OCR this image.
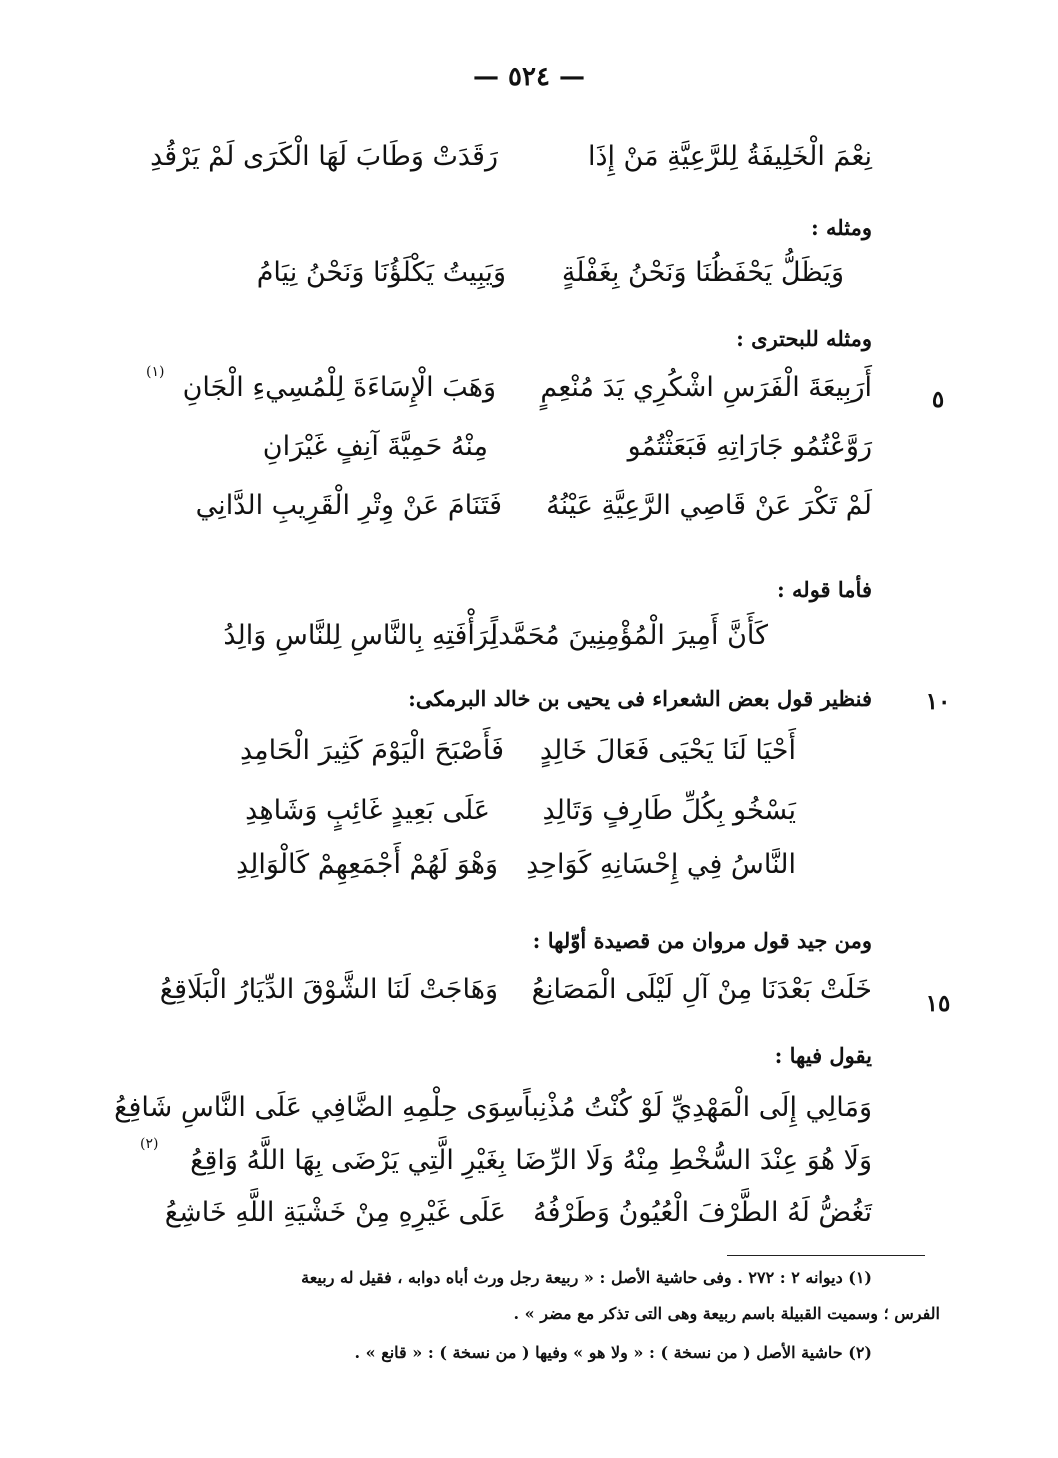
— ٥٢٤ —
نِعْمَ الْخَلِيفَةُ لِلرَّعِيَّةِ مَنْ إِذَا
رَقَدَتْ وَطَابَ لَهَا الْكَرَى لَمْ يَرْقُدِ
ومثله :
وَيَظَلُّ يَحْفَظُنَا وَنَحْنُ بِغَفْلَةٍ
وَيَبِيتُ يَكْلَؤُنَا وَنَحْنُ نِيَامُ
ومثله للبحترى :
٥
أَرَبِيعَةَ الْفَرَسِ اشْكُرِي يَدَ مُنْعِمٍ
وَهَبَ الْإِسَاءَةَ لِلْمُسِيءِ الْجَانِ
(١)
رَوَّعْتُمُو جَارَاتِهِ فَبَعَثْتُمُو
مِنْهُ حَمِيَّةَ آنِفٍ غَيْرَانِ
لَمْ تَكْرَ عَنْ قَاصِي الرَّعِيَّةِ عَيْنُهُ
فَتَنَامَ عَنْ وِتْرِ الْقَرِيبِ الدَّانِي
فأما قوله :
كَأَنَّ أَمِيرَ الْمُؤْمِنِينَ مُحَمَّداً
لِرَأْفَتِهِ بِالنَّاسِ لِلنَّاسِ وَالِدُ
١٠
فنظير قول بعض الشعراء فى يحيى بن خالد البرمكى:
أَحْيَا لَنَا يَحْيَى فَعَالَ خَالِدٍ
فَأَصْبَحَ الْيَوْمَ كَثِيرَ الْحَامِدِ
يَسْخُو بِكُلِّ طَارِفٍ وَتَالِدِ
عَلَى بَعِيدٍ غَائِبٍ وَشَاهِدِ
النَّاسُ فِي إِحْسَانِهِ كَوَاحِدِ
وَهْوَ لَهُمْ أَجْمَعِهِمْ كَالْوَالِدِ
ومن جيد قول مروان من قصيدة أوّلها :
١٥
خَلَتْ بَعْدَنَا مِنْ آلِ لَيْلَى الْمَصَانِعُ
وَهَاجَتْ لَنَا الشَّوْقَ الدِّيَارُ الْبَلَاقِعُ
يقول فيها :
وَمَالِي إِلَى الْمَهْدِيِّ لَوْ كُنْتُ مُذْنِباً
سِوَى حِلْمِهِ الضَّافِي عَلَى النَّاسِ شَافِعُ
وَلَا هُوَ عِنْدَ السُّخْطِ مِنْهُ وَلَا الرِّضَا
بِغَيْرِ الَّتِي يَرْضَى بِهَا اللَّهُ وَاقِعُ
(٢)
تَغُضُّ لَهُ الطَّرْفَ الْعُيُونُ وَطَرْفُهُ
عَلَى غَيْرِهِ مِنْ خَشْيَةِ اللَّهِ خَاشِعُ
(١) ديوانه ٢ : ٢٧٢ . وفى حاشية الأصل : « ربيعة رجل ورث أباه دوابه ، فقيل له ربيعة
الفرس ؛ وسميت القبيلة باسم ربيعة وهى التى تذكر مع مضر » .
(٢) حاشية الأصل ( من نسخة ) : « ولا هو » وفيها ( من نسخة ) : « قانع » .
